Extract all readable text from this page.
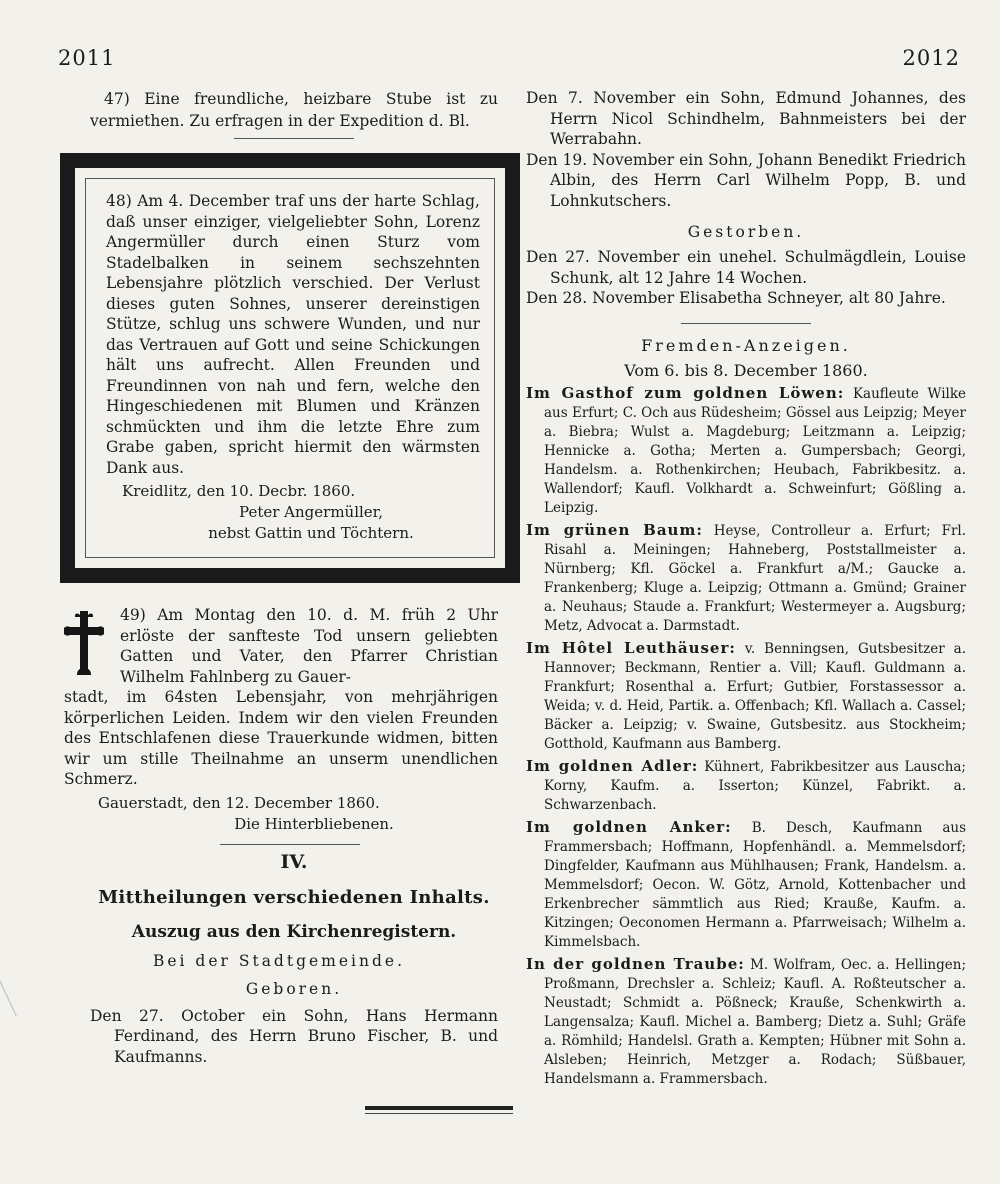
2011	2012

47) Eine freundliche, heizbare Stube ist zu vermiethen. Zu erfragen in der Expedition d. Bl.

48) Am 4. December traf uns der harte Schlag, daß unser einziger, vielgeliebter Sohn, Lorenz Angermüller durch einen Sturz vom Stadelbalken in seinem sechszehnten Lebensjahre plötzlich verschied. Der Verlust dieses guten Sohnes, unserer dereinstigen Stütze, schlug uns schwere Wunden, und nur das Vertrauen auf Gott und seine Schickungen hält uns aufrecht. Allen Freunden und Freundinnen von nah und fern, welche den Hingeschiedenen mit Blumen und Kränzen schmückten und ihm die letzte Ehre zum Grabe gaben, spricht hiermit den wärmsten Dank aus.

Kreidlitz, den 10. Decbr. 1860.

Peter Angermüller,

nebst Gattin und Töchtern.

49) Am Montag den 10. d. M. früh 2 Uhr erlöste der sanfteste Tod unsern geliebten Gatten und Vater, den Pfarrer Christian Wilhelm Fahlnberg zu Gauer-
stadt, im 64sten Lebensjahr, von mehrjährigen körperlichen Leiden. Indem wir den vielen Freunden des Entschlafenen diese Trauerkunde widmen, bitten wir um stille Theilnahme an unserm unendlichen Schmerz.

Gauerstadt, den 12. December 1860.

Die Hinterbliebenen.

IV.
Mittheilungen verschiedenen Inhalts.
Auszug aus den Kirchenregistern.
Bei der Stadtgemeinde.
Geboren.

Den 27. October ein Sohn, Hans Hermann Ferdinand, des Herrn Bruno Fischer, B. und Kaufmanns.

Den 7. November ein Sohn, Edmund Johannes, des Herrn Nicol Schindhelm, Bahnmeisters bei der Werrabahn.

Den 19. November ein Sohn, Johann Benedikt Friedrich Albin, des Herrn Carl Wilhelm Popp, B. und Lohnkutschers.

Gestorben.

Den 27. November ein unehel. Schulmägdlein, Louise Schunk, alt 12 Jahre 14 Wochen.

Den 28. November Elisabetha Schneyer, alt 80 Jahre.

Fremden-Anzeigen.
Vom 6. bis 8. December 1860.

Im Gasthof zum goldnen Löwen: Kaufleute Wilke aus Erfurt; C. Och aus Rüdesheim; Gössel aus Leipzig; Meyer a. Biebra; Wulst a. Magdeburg; Leitzmann a. Leipzig; Hennicke a. Gotha; Merten a. Gumpersbach; Georgi, Handelsm. a. Rothenkirchen; Heubach, Fabrikbesitz. a. Wallendorf; Kaufl. Volkhardt a. Schweinfurt; Gößling a. Leipzig.

Im grünen Baum: Heyse, Controlleur a. Erfurt; Frl. Risahl a. Meiningen; Hahneberg, Poststallmeister a. Nürnberg; Kfl. Göckel a. Frankfurt a/M.; Gaucke a. Frankenberg; Kluge a. Leipzig; Ottmann a. Gmünd; Grainer a. Neuhaus; Staude a. Frankfurt; Westermeyer a. Augsburg; Metz, Advocat a. Darmstadt.

Im Hôtel Leuthäuser: v. Benningsen, Gutsbesitzer a. Hannover; Beckmann, Rentier a. Vill; Kaufl. Guldmann a. Frankfurt; Rosenthal a. Erfurt; Gutbier, Forstassessor a. Weida; v. d. Heid, Partik. a. Offenbach; Kfl. Wallach a. Cassel; Bäcker a. Leipzig; v. Swaine, Gutsbesitz. aus Stockheim; Gotthold, Kaufmann aus Bamberg.

Im goldnen Adler: Kühnert, Fabrikbesitzer aus Lauscha; Korny, Kaufm. a. Isserton; Künzel, Fabrikt. a. Schwarzenbach.

Im goldnen Anker: B. Desch, Kaufmann aus Frammersbach; Hoffmann, Hopfenhändl. a. Memmelsdorf; Dingfelder, Kaufmann aus Mühlhausen; Frank, Handelsm. a. Memmelsdorf; Oecon. W. Götz, Arnold, Kottenbacher und Erkenbrecher sämmtlich aus Ried; Krauße, Kaufm. a. Kitzingen; Oeconomen Hermann a. Pfarrweisach; Wilhelm a. Kimmelsbach.

In der goldnen Traube: M. Wolfram, Oec. a. Hellingen; Proßmann, Drechsler a. Schleiz; Kaufl. A. Roßteutscher a. Neustadt; Schmidt a. Pößneck; Krauße, Schenkwirth a. Langensalza; Kaufl. Michel a. Bamberg; Dietz a. Suhl; Gräfe a. Römhild; Handelsl. Grath a. Kempten; Hübner mit Sohn a. Alsleben; Heinrich, Metzger a. Rodach; Süßbauer, Handelsmann a. Frammersbach.
